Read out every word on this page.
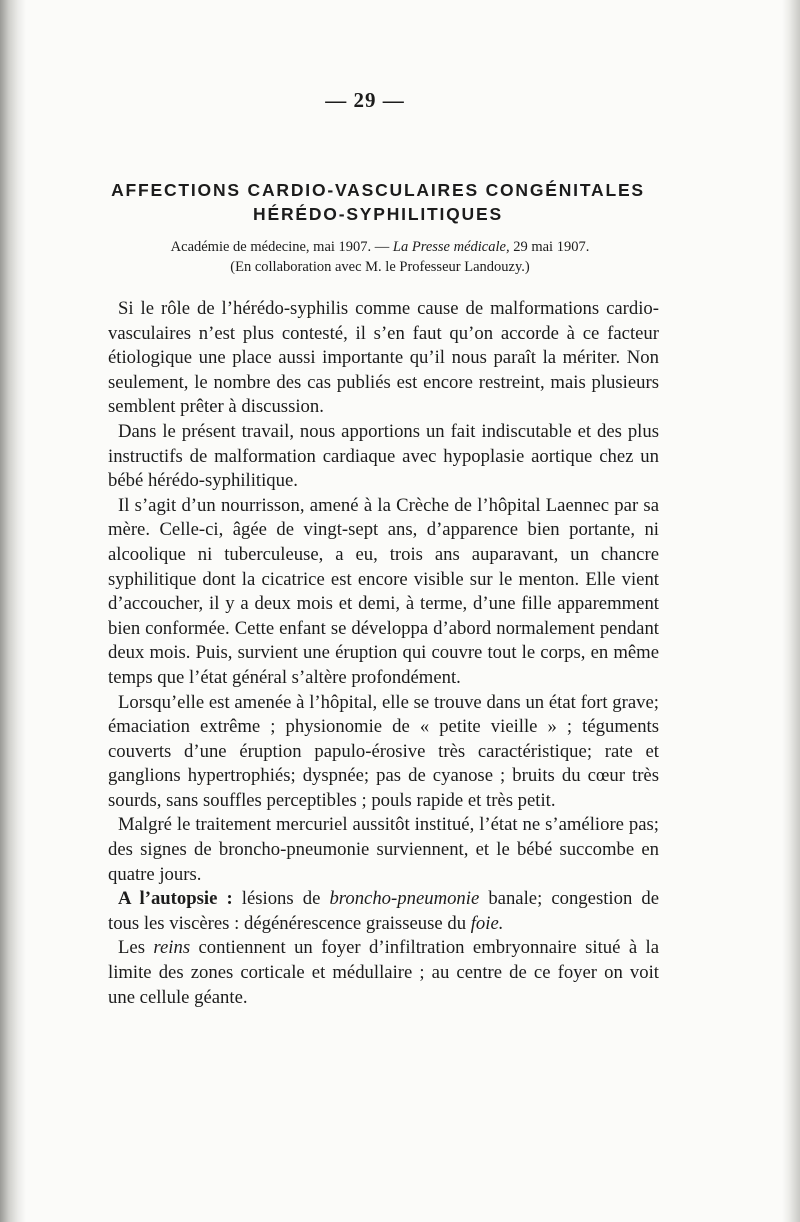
— 29 —
AFFECTIONS CARDIO-VASCULAIRES CONGÉNITALES
HÉRÉDO-SYPHILITIQUES
Académie de médecine, mai 1907. — La Presse médicale, 29 mai 1907.
(En collaboration avec M. le Professeur Landouzy.)

Si le rôle de l’hérédo-syphilis comme cause de malformations cardio-vasculaires n’est plus contesté, il s’en faut qu’on accorde à ce facteur étiologique une place aussi importante qu’il nous paraît la mériter. Non seulement, le nombre des cas publiés est encore restreint, mais plusieurs semblent prêter à discussion.

Dans le présent travail, nous apportions un fait indiscutable et des plus instructifs de malformation cardiaque avec hypoplasie aortique chez un bébé hérédo-syphilitique.

Il s’agit d’un nourrisson, amené à la Crèche de l’hôpital Laennec par sa mère. Celle-ci, âgée de vingt-sept ans, d’apparence bien portante, ni alcoolique ni tuberculeuse, a eu, trois ans auparavant, un chancre syphilitique dont la cicatrice est encore visible sur le menton. Elle vient d’accoucher, il y a deux mois et demi, à terme, d’une fille apparemment bien conformée. Cette enfant se développa d’abord normalement pendant deux mois. Puis, survient une éruption qui couvre tout le corps, en même temps que l’état général s’altère profondément.

Lorsqu’elle est amenée à l’hôpital, elle se trouve dans un état fort grave; émaciation extrême ; physionomie de « petite vieille » ; téguments couverts d’une éruption papulo-érosive très caractéristique; rate et ganglions hypertrophiés; dyspnée; pas de cyanose ; bruits du cœur très sourds, sans souffles perceptibles ; pouls rapide et très petit.

Malgré le traitement mercuriel aussitôt institué, l’état ne s’améliore pas; des signes de broncho-pneumonie surviennent, et le bébé succombe en quatre jours.

A l’autopsie : lésions de broncho-pneumonie banale; congestion de tous les viscères : dégénérescence graisseuse du foie.

Les reins contiennent un foyer d’infiltration embryonnaire situé à la limite des zones corticale et médullaire ; au centre de ce foyer on voit une cellule géante.
